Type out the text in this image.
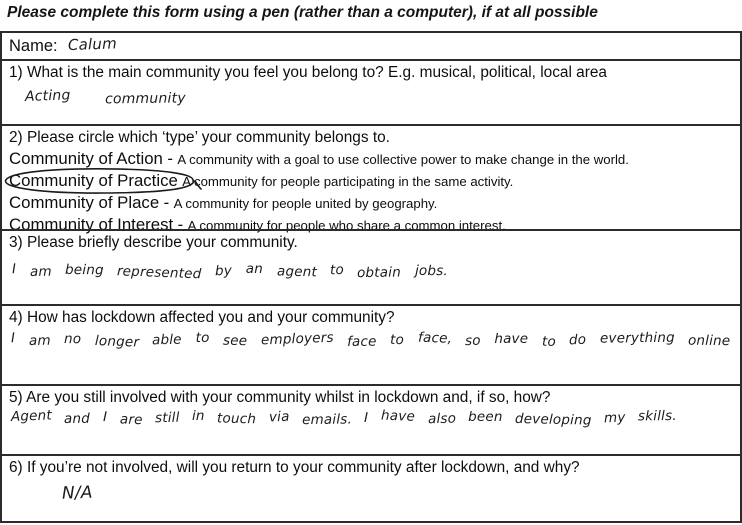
Please complete this form using a pen (rather than a computer), if at all possible
Name: Calum
1) What is the main community you feel you belong to? E.g. musical, political, local area
Acting community
2) Please circle which ‘type’ your community belongs to.
Community of Action - A community with a goal to use collective power to make change in the world.
Community of Practice A community for people participating in the same activity.
Community of Place - A community for people united by geography.
Community of Interest - A community for people who share a common interest.
3) Please briefly describe your community.
I am being represented by an agent to obtain jobs.
4) How has lockdown affected you and your community?
I am no longer able to see employers face to face, so have to do everything online
5) Are you still involved with your community whilst in lockdown and, if so, how?
Agent and I are still in touch via emails. I have also been developing my skills.
6) If you’re not involved, will you return to your community after lockdown, and why?
N/A
